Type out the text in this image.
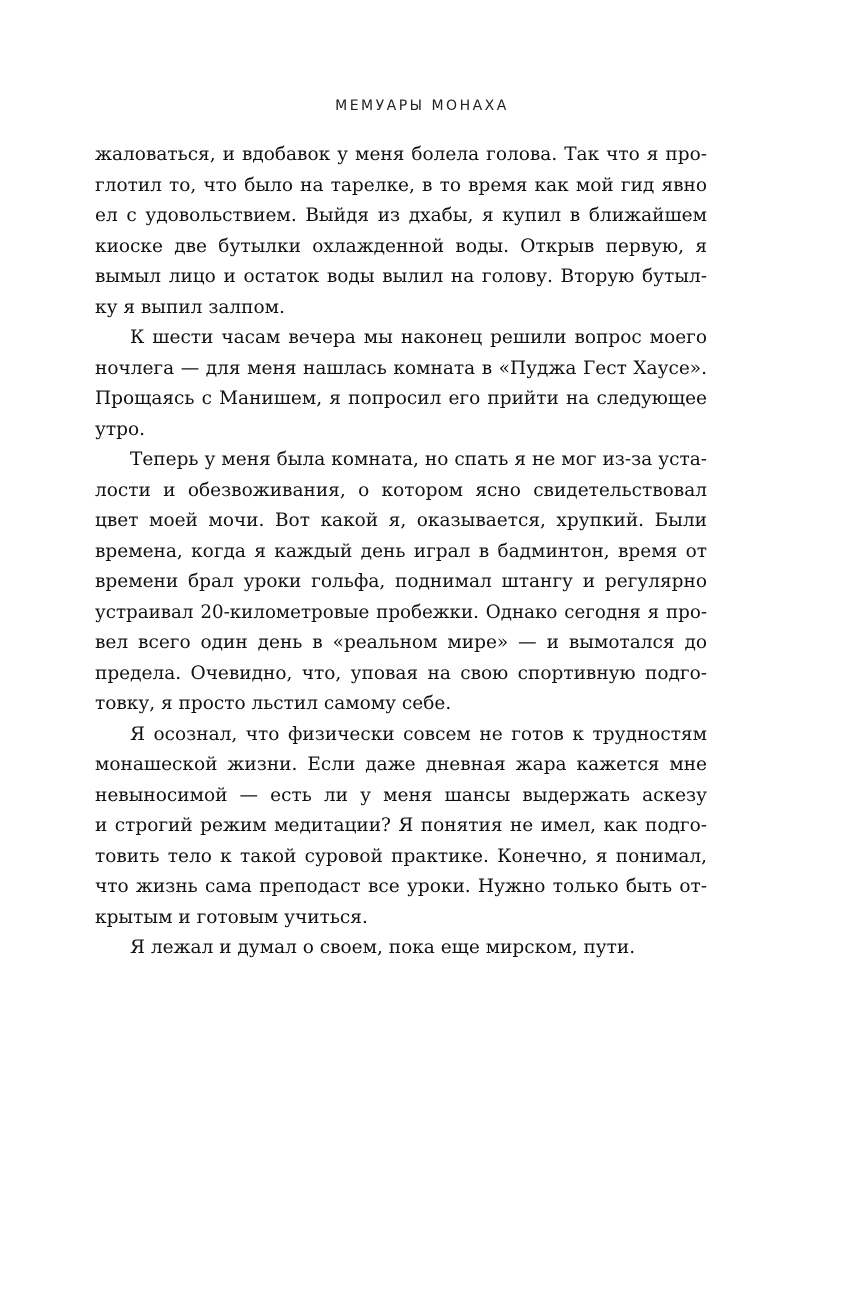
МЕМУАРЫ МОНАХА
жаловаться, и вдобавок у меня болела голова. Так что я про-
глотил то, что было на тарелке, в то время как мой гид явно
ел с удовольствием. Выйдя из дхабы, я купил в ближайшем
киоске две бутылки охлажденной воды. Открыв первую, я
вымыл лицо и остаток воды вылил на голову. Вторую бутыл-
ку я выпил залпом.
К шести часам вечера мы наконец решили вопрос моего
ночлега — для меня нашлась комната в «Пуджа Гест Хаусе».
Прощаясь с Манишем, я попросил его прийти на следующее
утро.
Теперь у меня была комната, но спать я не мог из-за уста-
лости и обезвоживания, о котором ясно свидетельствовал
цвет моей мочи. Вот какой я, оказывается, хрупкий. Были
времена, когда я каждый день играл в бадминтон, время от
времени брал уроки гольфа, поднимал штангу и регулярно
устраивал 20-километровые пробежки. Однако сегодня я про-
вел всего один день в «реальном мире» — и вымотался до
предела. Очевидно, что, уповая на свою спортивную подго-
товку, я просто льстил самому себе.
Я осознал, что физически совсем не готов к трудностям
монашеской жизни. Если даже дневная жара кажется мне
невыносимой — есть ли у меня шансы выдержать аскезу
и строгий режим медитации? Я понятия не имел, как подго-
товить тело к такой суровой практике. Конечно, я понимал,
что жизнь сама преподаст все уроки. Нужно только быть от-
крытым и готовым учиться.
Я лежал и думал о своем, пока еще мирском, пути.
